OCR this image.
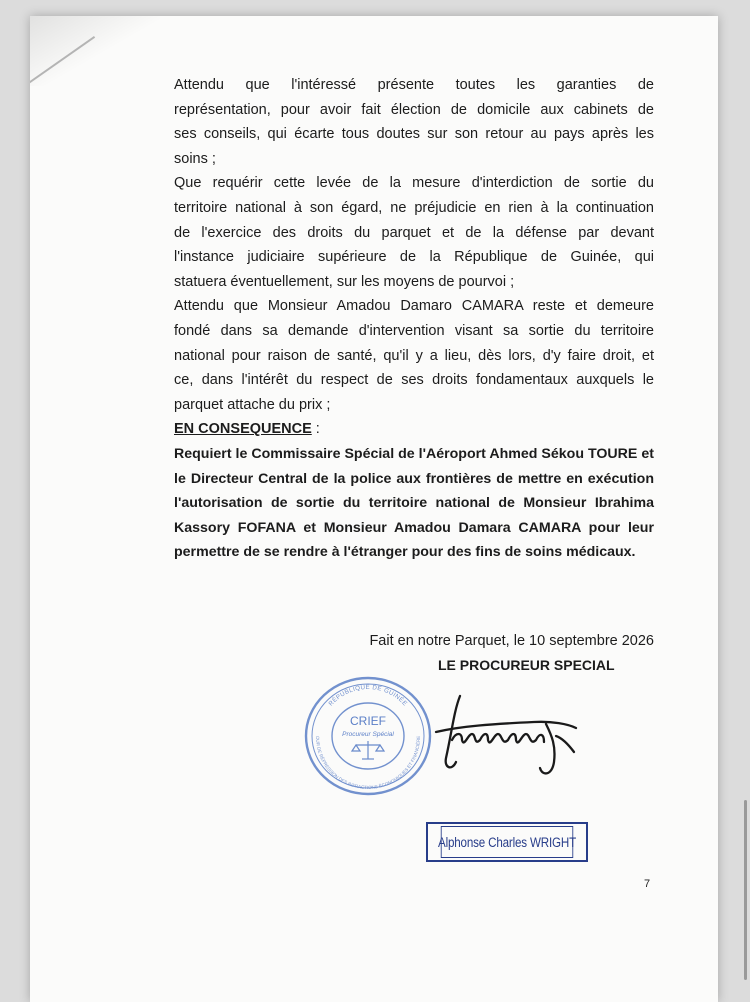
Attendu que l'intéressé présente toutes les garanties de

représentation, pour avoir fait élection de domicile aux cabinets de

ses conseils, qui écarte tous doutes sur son retour au pays après les

soins ;

Que requérir cette levée de la mesure d'interdiction de sortie du

territoire national à son égard, ne préjudicie en rien à la continuation

de l'exercice des droits du parquet et de la défense par devant

l'instance judiciaire supérieure de la République de Guinée, qui

statuera éventuellement, sur les moyens de pourvoi ;

Attendu que Monsieur Amadou Damaro CAMARA reste et demeure

fondé dans sa demande d'intervention visant sa sortie du territoire

national pour raison de santé, qu'il y a lieu, dès lors, d'y faire droit, et

ce, dans l'intérêt du respect de ses droits fondamentaux auxquels le

parquet attache du prix ;

EN CONSEQUENCE :

Requiert le Commissaire Spécial de l'Aéroport Ahmed Sékou TOURE et

le Directeur Central de la police aux frontières de mettre en exécution

l'autorisation de sortie du territoire national de Monsieur Ibrahima

Kassory FOFANA et Monsieur Amadou Damara CAMARA pour leur

permettre de se rendre à l'étranger pour des fins de soins médicaux.

Fait en notre Parquet, le 10 septembre 2026
LE PROCUREUR SPECIAL
RÉPUBLIQUE DE GUINÉE
OUR DE RÉPRESSION DES INFRACTIONS ÉCONOMIQUES ET FINANCIÈRE
CRIEF
Procureur Spécial
Alphonse Charles WRIGHT
7
